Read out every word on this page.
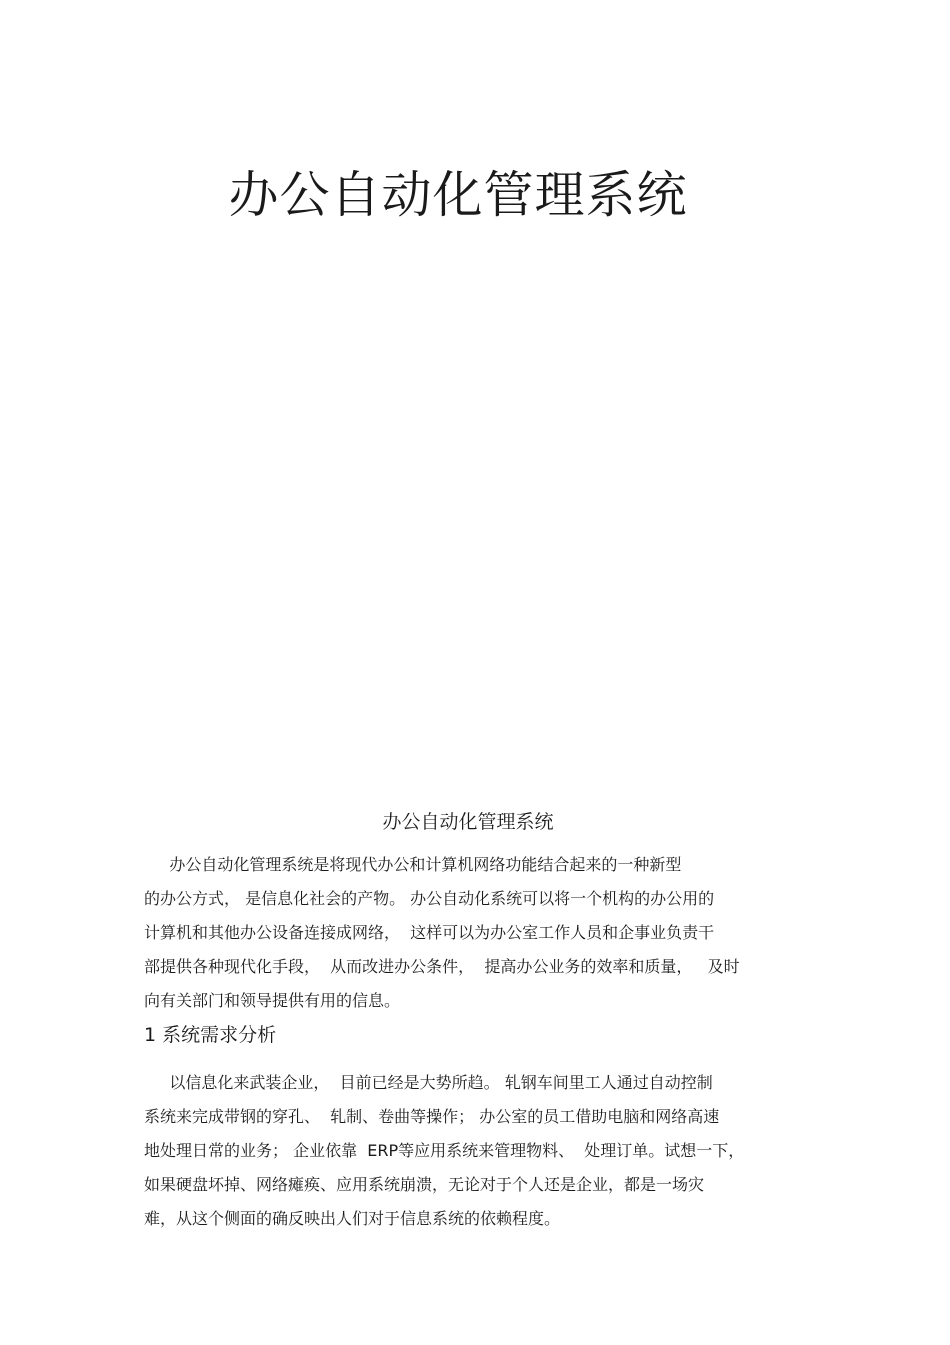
办公自动化管理系统
办公自动化管理系统

办公自动化管理系统是将现代办公和计算机网络功能结合起来的一种新型
的办公方式， 是信息化社会的产物。 办公自动化系统可以将一个机构的办公用的
计算机和其他办公设备连接成网络，  这样可以为办公室工作人员和企事业负责干
部提供各种现代化手段，  从而改进办公条件，  提高办公业务的效率和质量，   及时
向有关部门和领导提供有用的信息。

1 系统需求分析

以信息化来武装企业，  目前已经是大势所趋。 轧钢车间里工人通过自动控制
系统来完成带钢的穿孔、  轧制、卷曲等操作； 办公室的员工借助电脑和网络高速
地处理日常的业务； 企业依靠  ERP等应用系统来管理物料、  处理订单。试想一下，
如果硬盘坏掉、网络瘫痪、应用系统崩溃，无论对于个人还是企业，都是一场灾
难，从这个侧面的确反映出人们对于信息系统的依赖程度。
